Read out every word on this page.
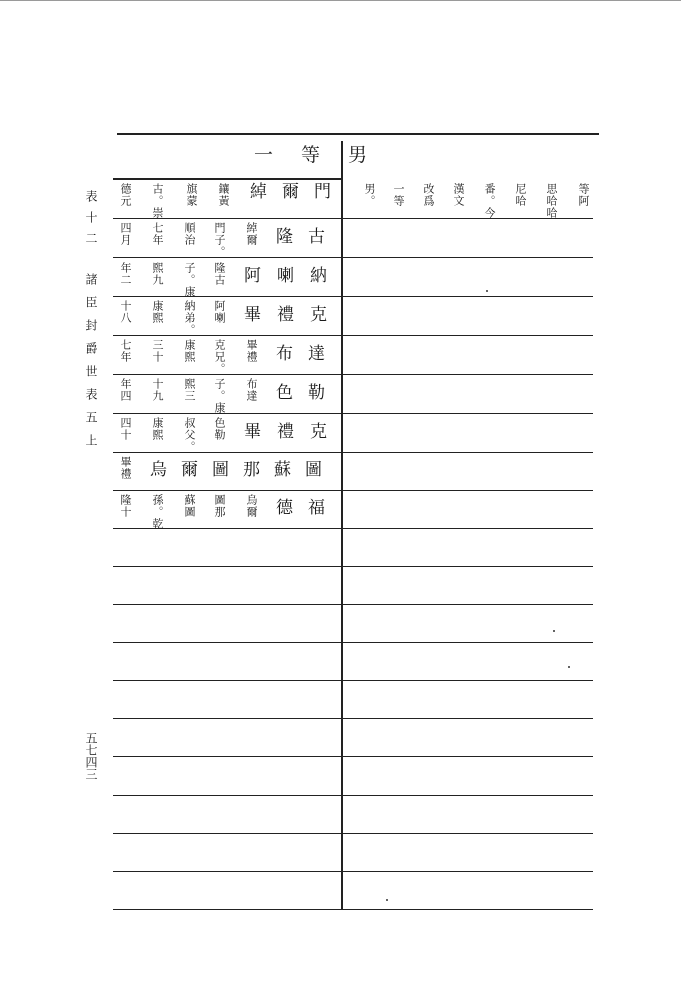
表十二
諸臣封爵世表五上
五七四三
一等男
等阿
思哈哈
尼哈
番。今
漢文
改爲
一等
男。
綽爾門
鑲黃
旗蒙
古。崇
德元
隆古
綽爾
門子。
順治
七年
四月
阿喇納
隆古
子。康
熙九
年二
畢禮克
阿喇
納弟。
康熙
十八
布達
畢禮
克兄。
康熙
三十
七年
色勒
布達
子。康
熙三
十九
年四
畢禮克
色勒
叔父。
康熙
四十
烏爾圖那蘇圖
畢禮
德福
烏爾
圖那
蘇圖
孫。乾
隆十
